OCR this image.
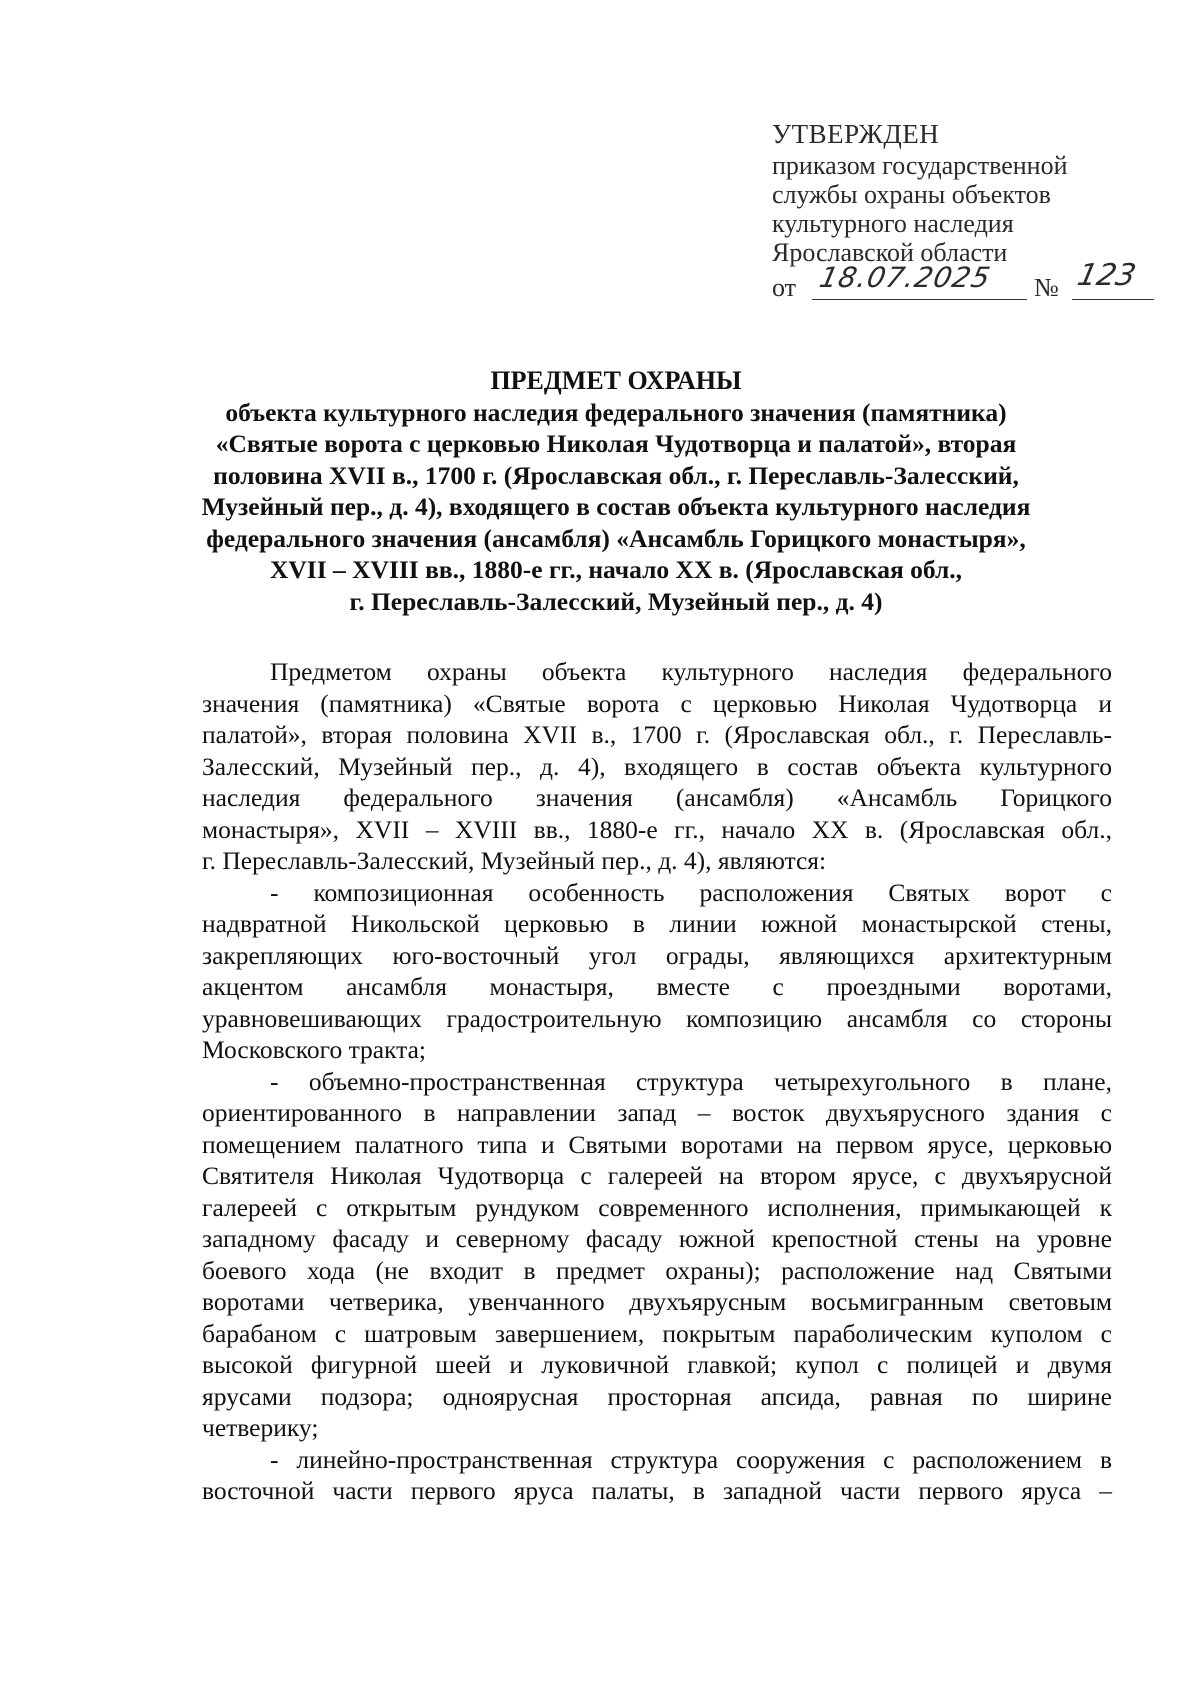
УТВЕРЖДЕН
приказом государственной
службы охраны объектов
культурного наследия
Ярославской области
от 18.07.2025 № 123
ПРЕДМЕТ ОХРАНЫ
объекта культурного наследия федерального значения (памятника)
«Святые ворота с церковью Николая Чудотворца и палатой», вторая
половина XVII в., 1700 г. (Ярославская обл., г. Переславль-Залесский,
Музейный пер., д. 4), входящего в состав объекта культурного наследия
федерального значения (ансамбля) «Ансамбль Горицкого монастыря»,
XVII – XVIII вв., 1880-е гг., начало XX в. (Ярославская обл.,
г. Переславль-Залесский, Музейный пер., д. 4)

Предметом охраны объекта культурного наследия федерального
значения (памятника) «Святые ворота с церковью Николая Чудотворца и
палатой», вторая половина XVII в., 1700 г. (Ярославская обл., г. Переславль-
Залесский, Музейный пер., д. 4), входящего в состав объекта культурного
наследия федерального значения (ансамбля) «Ансамбль Горицкого
монастыря», XVII – XVIII вв., 1880-е гг., начало XX в. (Ярославская обл.,
г. Переславль-Залесский, Музейный пер., д. 4), являются:

- композиционная особенность расположения Святых ворот с
надвратной Никольской церковью в линии южной монастырской стены,
закрепляющих юго-восточный угол ограды, являющихся архитектурным
акцентом ансамбля монастыря, вместе с проездными воротами,
уравновешивающих градостроительную композицию ансамбля со стороны
Московского тракта;

- объемно-пространственная структура четырехугольного в плане,
ориентированного в направлении запад – восток двухъярусного здания с
помещением палатного типа и Святыми воротами на первом ярусе, церковью
Святителя Николая Чудотворца с галереей на втором ярусе, с двухъярусной
галереей с открытым рундуком современного исполнения, примыкающей к
западному фасаду и северному фасаду южной крепостной стены на уровне
боевого хода (не входит в предмет охраны); расположение над Святыми
воротами четверика, увенчанного двухъярусным восьмигранным световым
барабаном с шатровым завершением, покрытым параболическим куполом с
высокой фигурной шеей и луковичной главкой; купол с полицей и двумя
ярусами подзора; одноярусная просторная апсида, равная по ширине
четверику;

- линейно-пространственная структура сооружения с расположением в
восточной части первого яруса палаты, в западной части первого яруса –
